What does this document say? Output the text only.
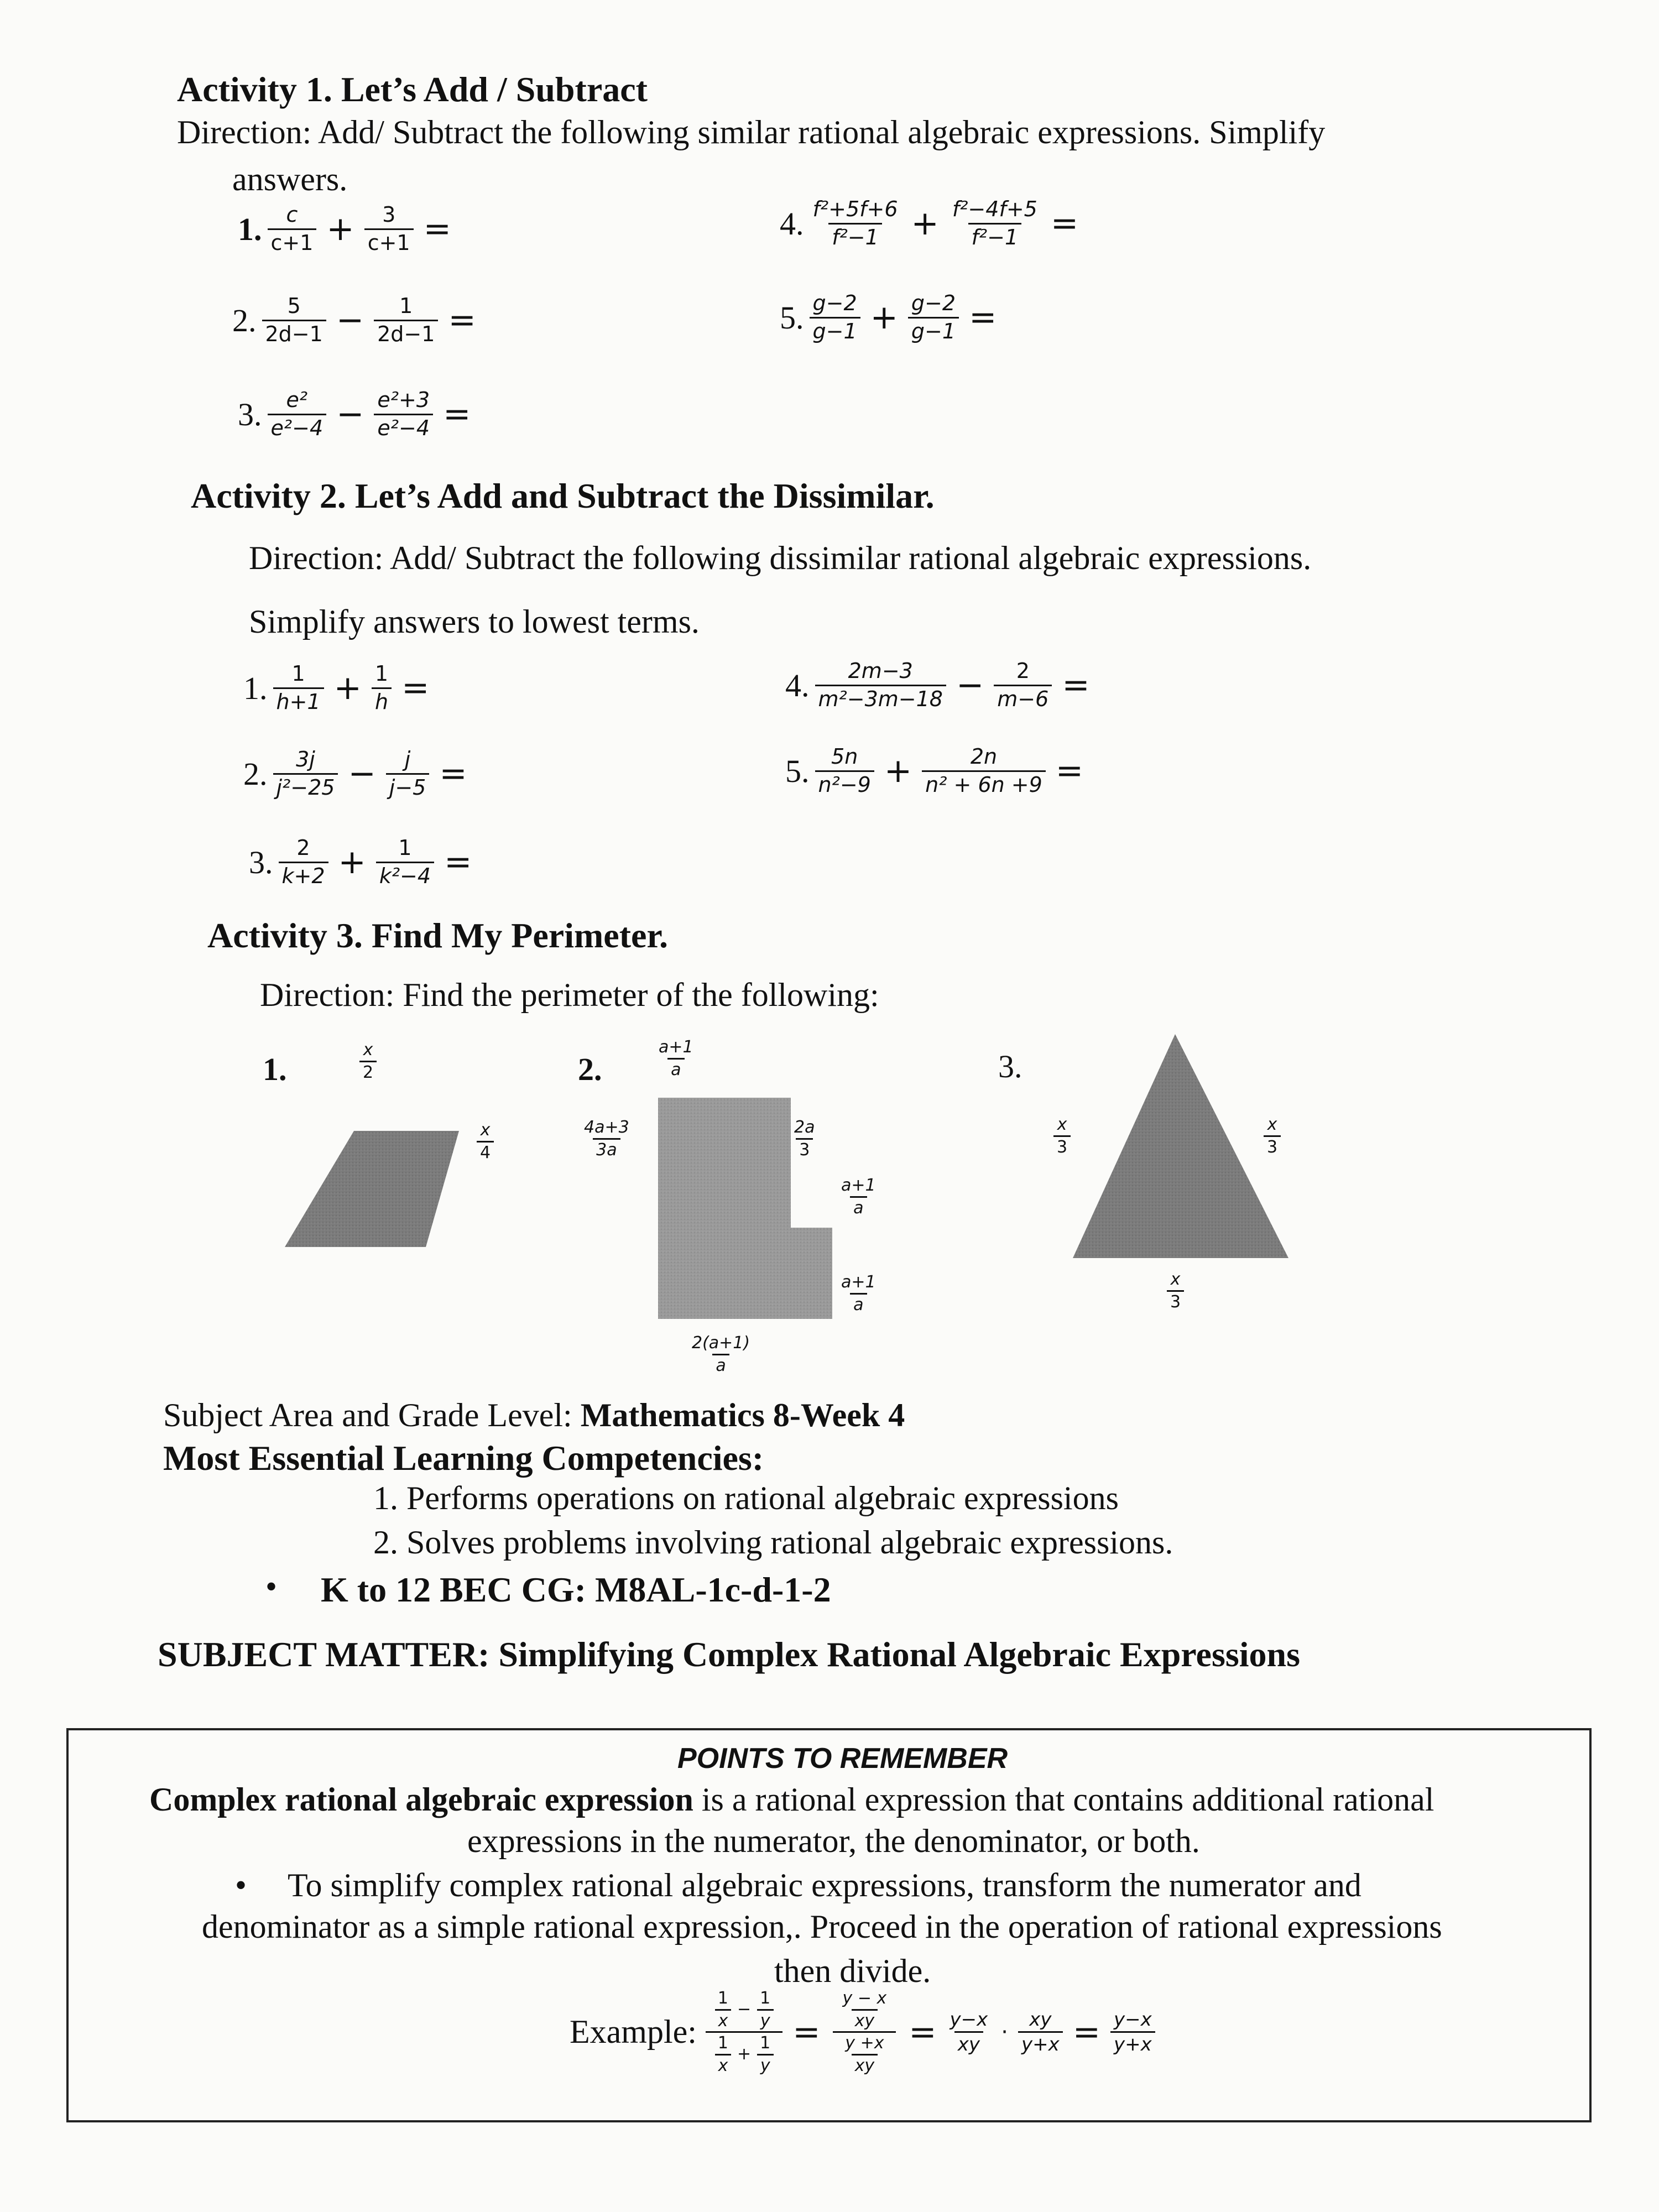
Activity 1. Let’s Add / Subtract
Direction: Add/ Subtract the following similar rational algebraic expressions. Simplify
answers.
1. c
$c+1 + \frac{3}{c+1}$ =
2. 5
$2d-1 - \frac{1}{2d-1}$ =
3. e²
$e^2-4 - \frac{\text{e²+3}}{\text{e²−4}}$ =
4. f²+5f+6
$f^2-1 + \frac{\text{f²−4f+5}}{\text{f²−1}}$ =
5. g−2
$g-1 + \frac{g-2}{g-1}$ =
Activity 2. Let’s Add and Subtract the Dissimilar.
Direction: Add/ Subtract the following dissimilar rational algebraic expressions.
Simplify answers to lowest terms.
1. 1
$h+1 + \frac{1}{h}$ =
2. 3j
$j^2-25 - \frac{j}{j-5}$ =
3. 2
$k+2 + \frac{1}{\text{k²−4}}$ =
4. 2m−3
$m^2-3m-18 - \frac{2}{m-6}$ =
5. 5n
$n^2-9 + \frac{2n}{\text{n² + 6n +9}}$ =
Activity 3. Find My Perimeter.
Direction: Find the perimeter of the following:
1.
x
2
x
4
2.
a+1
a
4a+3
3a
2a
3
a+1
a
a+1
a
2(a+1)
a
3.
x
3
x
3
x
3
Subject Area and Grade Level: Mathematics 8-Week 4
Most Essential Learning Competencies:
1. Performs operations on rational algebraic expressions
2. Solves problems involving rational algebraic expressions.
• K to 12 BEC CG: M8AL-1c-d-1-2
SUBJECT MATTER: Simplifying Complex Rational Algebraic Expressions
POINTS TO REMEMBER
Complex rational algebraic expression is a rational expression that contains additional rational
expressions in the numerator, the denominator, or both.
• To simplify complex rational algebraic expressions, transform the numerator and
denominator as a simple rational expression,. Proceed in the operation of rational expressions
then divide.
Example: 1
x
− $\frac{1}{y}$
1
x
+ $\frac{1}{y}$ =
y − x
xy
y +x
xy
= $\frac{y-x}{xy} \cdot \frac{xy}{y+x} = \frac{y-x}{y+x}$
